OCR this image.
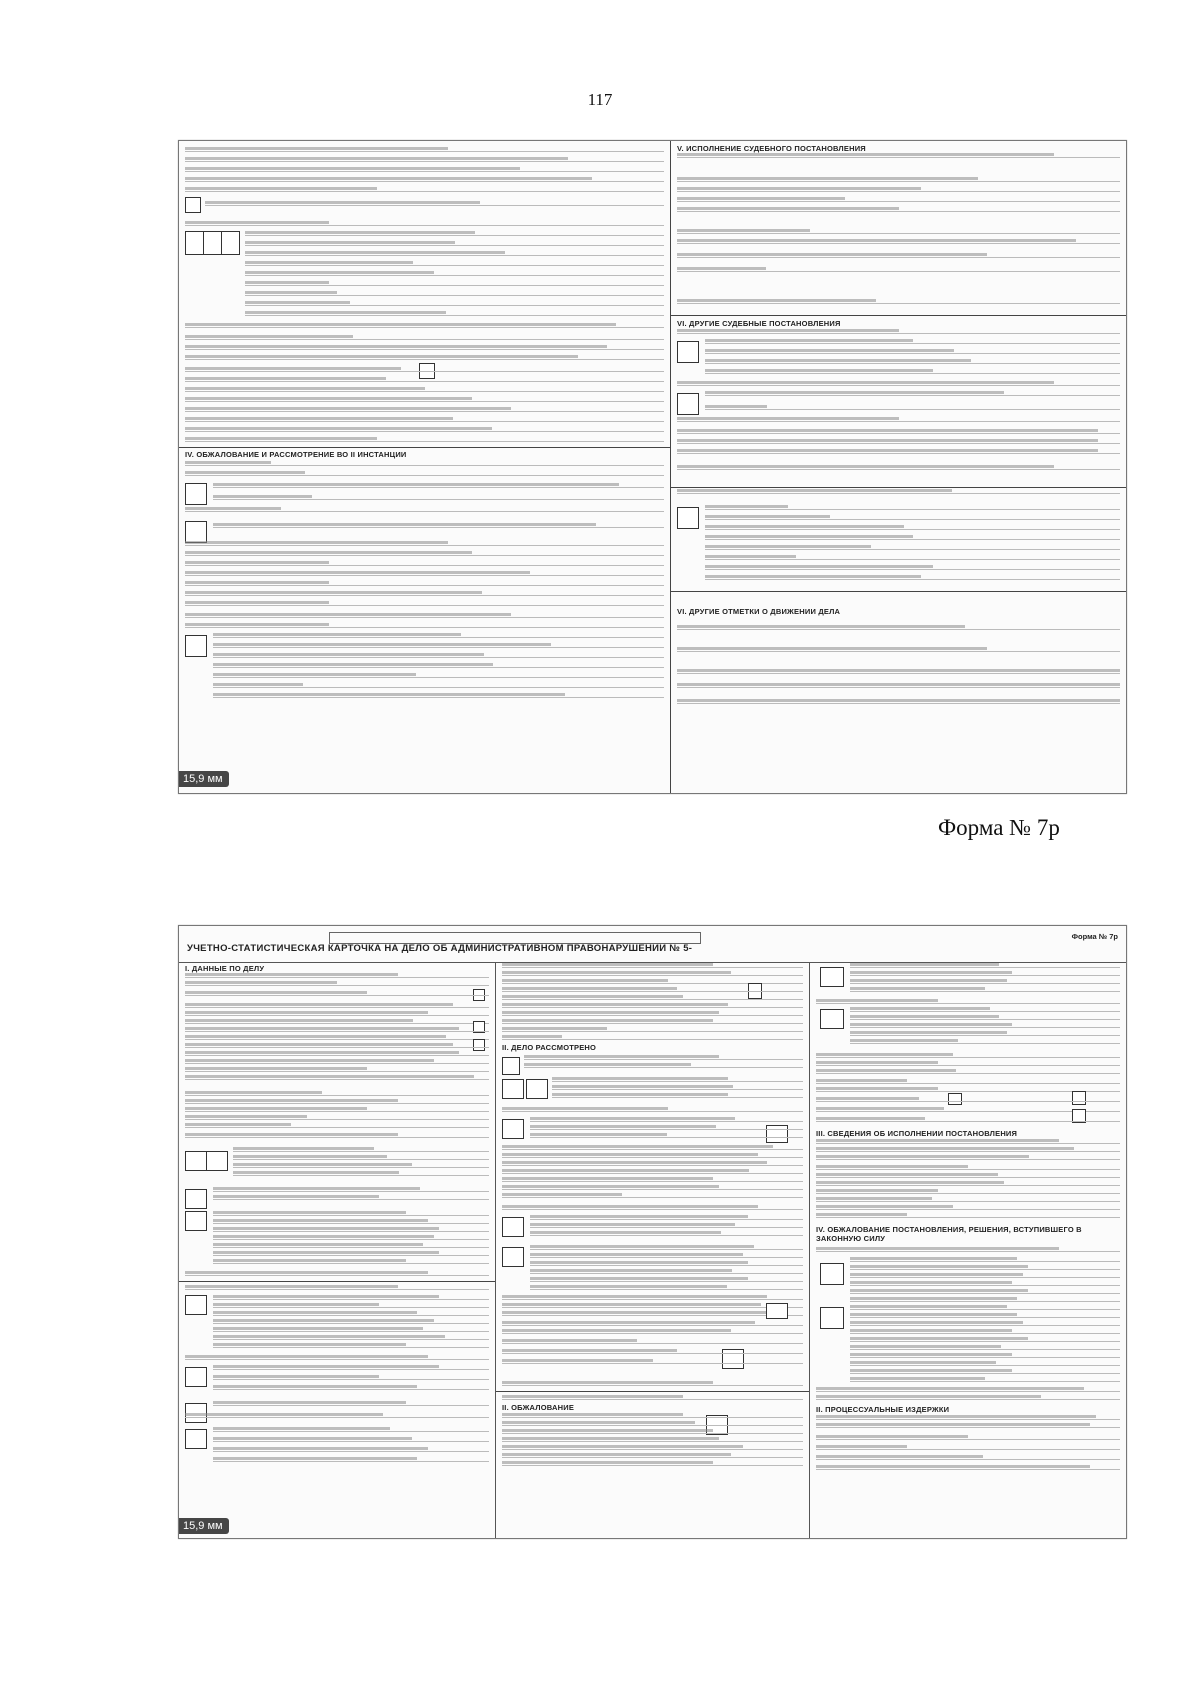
117
IV. ОБЖАЛОВАНИЕ И РАССМОТРЕНИЕ ВО II ИНСТАНЦИИ
15,9 мм
V. ИСПОЛНЕНИЕ СУДЕБНОГО ПОСТАНОВЛЕНИЯ
VI. ДРУГИЕ СУДЕБНЫЕ ПОСТАНОВЛЕНИЯ
VI. ДРУГИЕ ОТМЕТКИ О ДВИЖЕНИИ ДЕЛА
Форма № 7р
Форма № 7р
УЧЕТНО-СТАТИСТИЧЕСКАЯ КАРТОЧКА НА ДЕЛО ОБ АДМИНИСТРАТИВНОМ ПРАВОНАРУШЕНИИ № 5-
I. ДАННЫЕ ПО ДЕЛУ
15,9 мм
II. ДЕЛО РАССМОТРЕНО
II. ОБЖАЛОВАНИЕ
III. СВЕДЕНИЯ ОБ ИСПОЛНЕНИИ ПОСТАНОВЛЕНИЯ
IV. ОБЖАЛОВАНИЕ ПОСТАНОВЛЕНИЯ, РЕШЕНИЯ, ВСТУПИВШЕГО В ЗАКОННУЮ СИЛУ
II. ПРОЦЕССУАЛЬНЫЕ ИЗДЕРЖКИ
